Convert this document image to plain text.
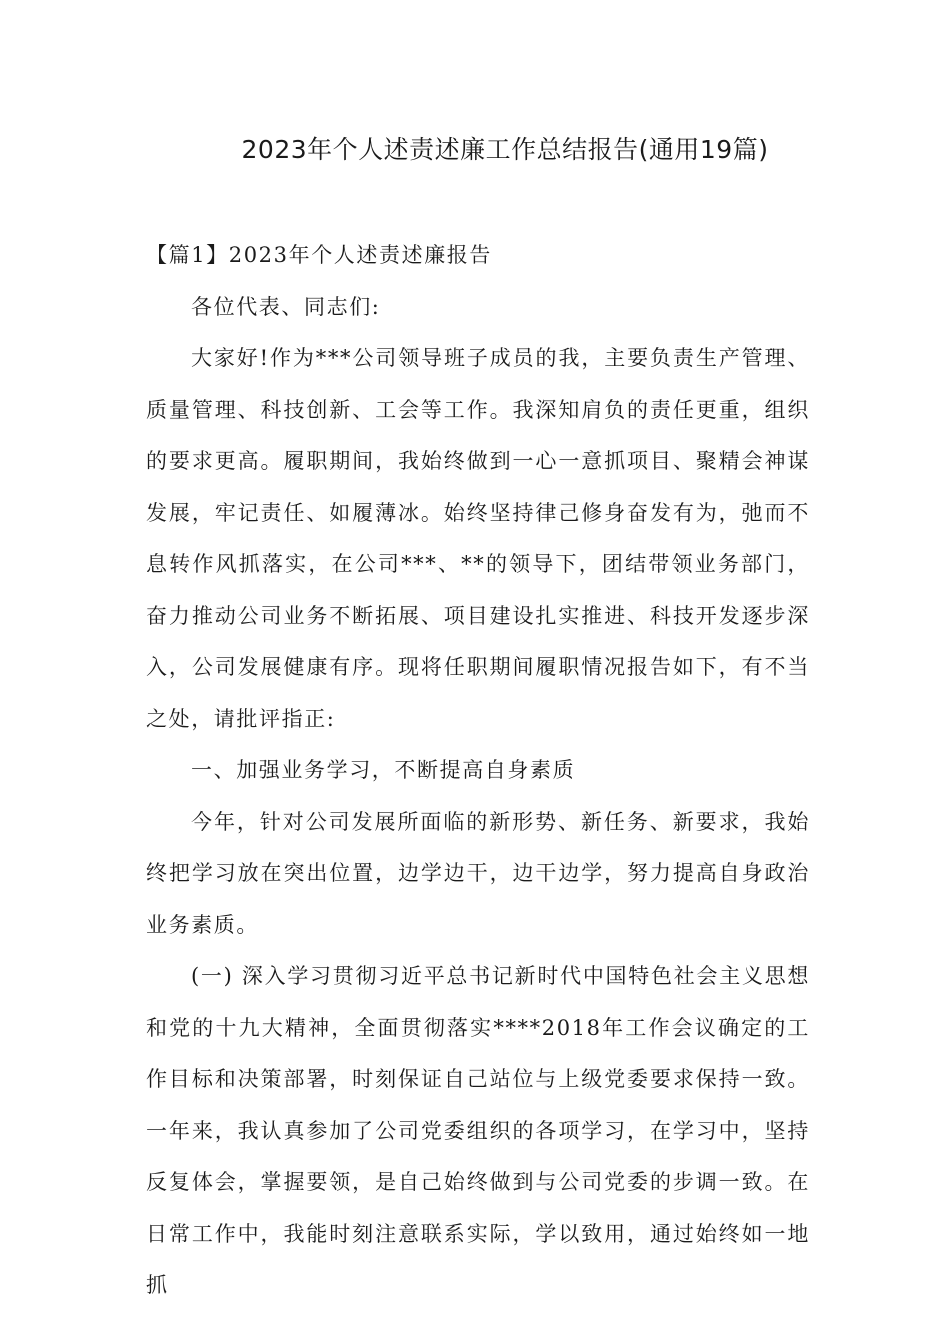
2023年个人述责述廉工作总结报告(通用19篇)

【篇1】2023年个人述责述廉报告

各位代表、同志们:

大家好!作为***公司领导班子成员的我，主要负责生产管理、质量管理、科技创新、工会等工作。我深知肩负的责任更重，组织的要求更高。履职期间，我始终做到一心一意抓项目、聚精会神谋发展，牢记责任、如履薄冰。始终坚持律己修身奋发有为，弛而不息转作风抓落实，在公司***、**的领导下，团结带领业务部门，奋力推动公司业务不断拓展、项目建设扎实推进、科技开发逐步深入，公司发展健康有序。现将任职期间履职情况报告如下，有不当之处，请批评指正:

一、加强业务学习，不断提高自身素质

今年，针对公司发展所面临的新形势、新任务、新要求，我始终把学习放在突出位置，边学边干，边干边学，努力提高自身政治业务素质。

(一) 深入学习贯彻习近平总书记新时代中国特色社会主义思想和党的十九大精神，全面贯彻落实****2018年工作会议确定的工作目标和决策部署，时刻保证自己站位与上级党委要求保持一致。一年来，我认真参加了公司党委组织的各项学习，在学习中，坚持反复体会，掌握要领，是自己始终做到与公司党委的步调一致。在日常工作中，我能时刻注意联系实际，学以致用，通过始终如一地抓
